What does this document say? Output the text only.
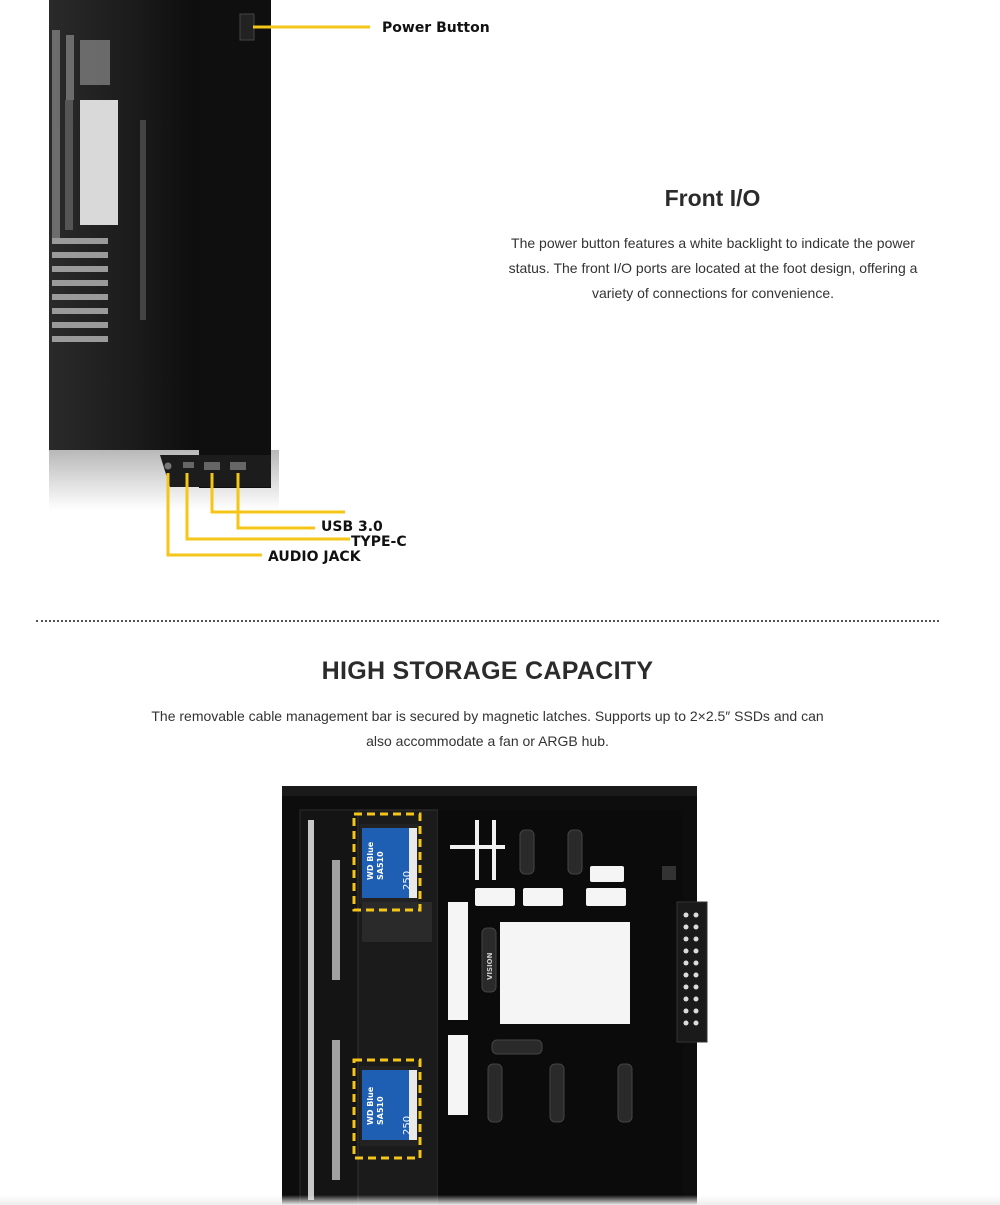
Power Button
USB 3.0
TYPE-C
AUDIO JACK
Front I/O
The power button features a white backlight to indicate the power status. The front I/O ports are located at the foot design, offering a variety of connections for convenience.
HIGH STORAGE CAPACITY
The removable cable management bar is secured by magnetic latches. Supports up to 2×2.5″ SSDs and can also accommodate a fan or ARGB hub.
WD Blue SA510
250
WD Blue SA510
250
VISION
